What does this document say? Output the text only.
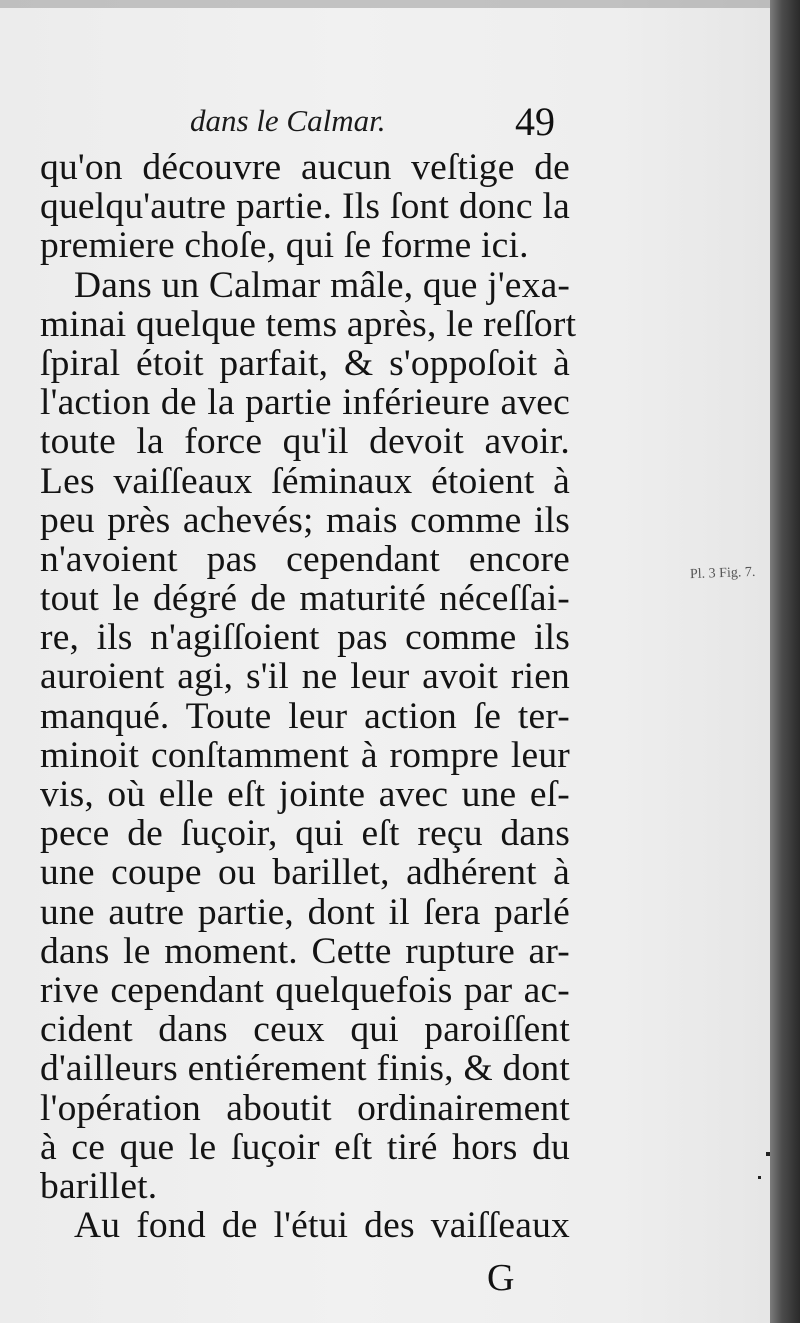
dans le Calmar.	49
qu'on découvre aucun veſtige de
quelqu'autre partie. Ils ſont donc la
premiere choſe, qui ſe forme ici.
Dans un Calmar mâle, que j'exa-
minai quelque tems après, le reſſort
ſpiral étoit parfait, & s'oppoſoit à
l'action de la partie inférieure avec
toute la force qu'il devoit avoir.
Les vaiſſeaux ſéminaux étoient à
peu près achevés; mais comme ils
n'avoient pas cependant encore
tout le dégré de maturité néceſſai-
re, ils n'agiſſoient pas comme ils
auroient agi, s'il ne leur avoit rien
manqué. Toute leur action ſe ter-
minoit conſtamment à rompre leur
vis, où elle eſt jointe avec une eſ-
pece de ſuçoir, qui eſt reçu dans
une coupe ou barillet, adhérent à
une autre partie, dont il ſera parlé
dans le moment. Cette rupture ar-
rive cependant quelquefois par ac-
cident dans ceux qui paroiſſent
d'ailleurs entiérement finis, & dont
l'opération aboutit ordinairement
à ce que le ſuçoir eſt tiré hors du
barillet.
Au fond de l'étui des vaiſſeaux
G
Pl. 3 Fig. 7.
